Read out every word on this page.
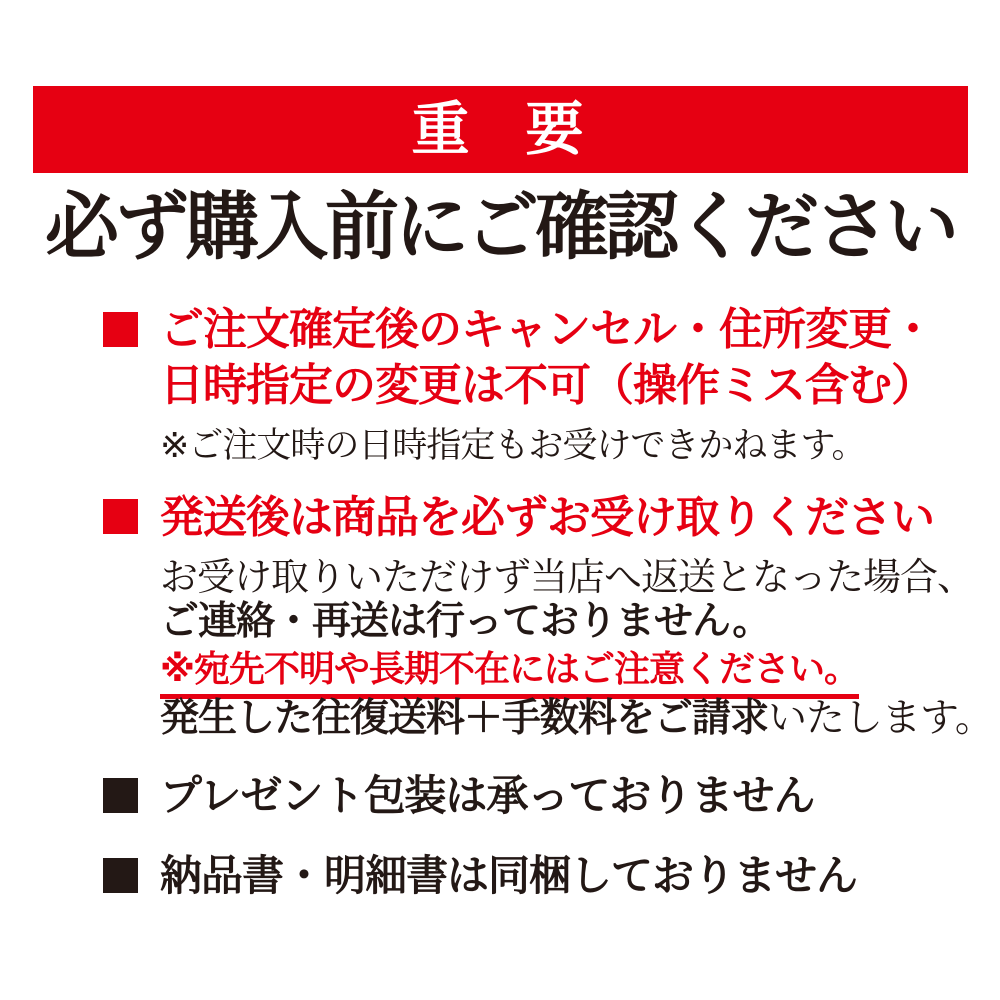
重 要
必ず購入前にご確認ください
ご注文確定後のキャンセル・住所変更・
日時指定の変更は不可（操作ミス含む）
※ご注文時の日時指定もお受けできかねます。
発送後は商品を必ずお受け取りください
お受け取りいただけず当店へ返送となった場合、
ご連絡・再送は行っておりません。
※宛先不明や長期不在にはご注意ください。
発生した往復送料＋手数料をご請求いたします。
プレゼント包装は承っておりません
納品書・明細書は同梱しておりません
